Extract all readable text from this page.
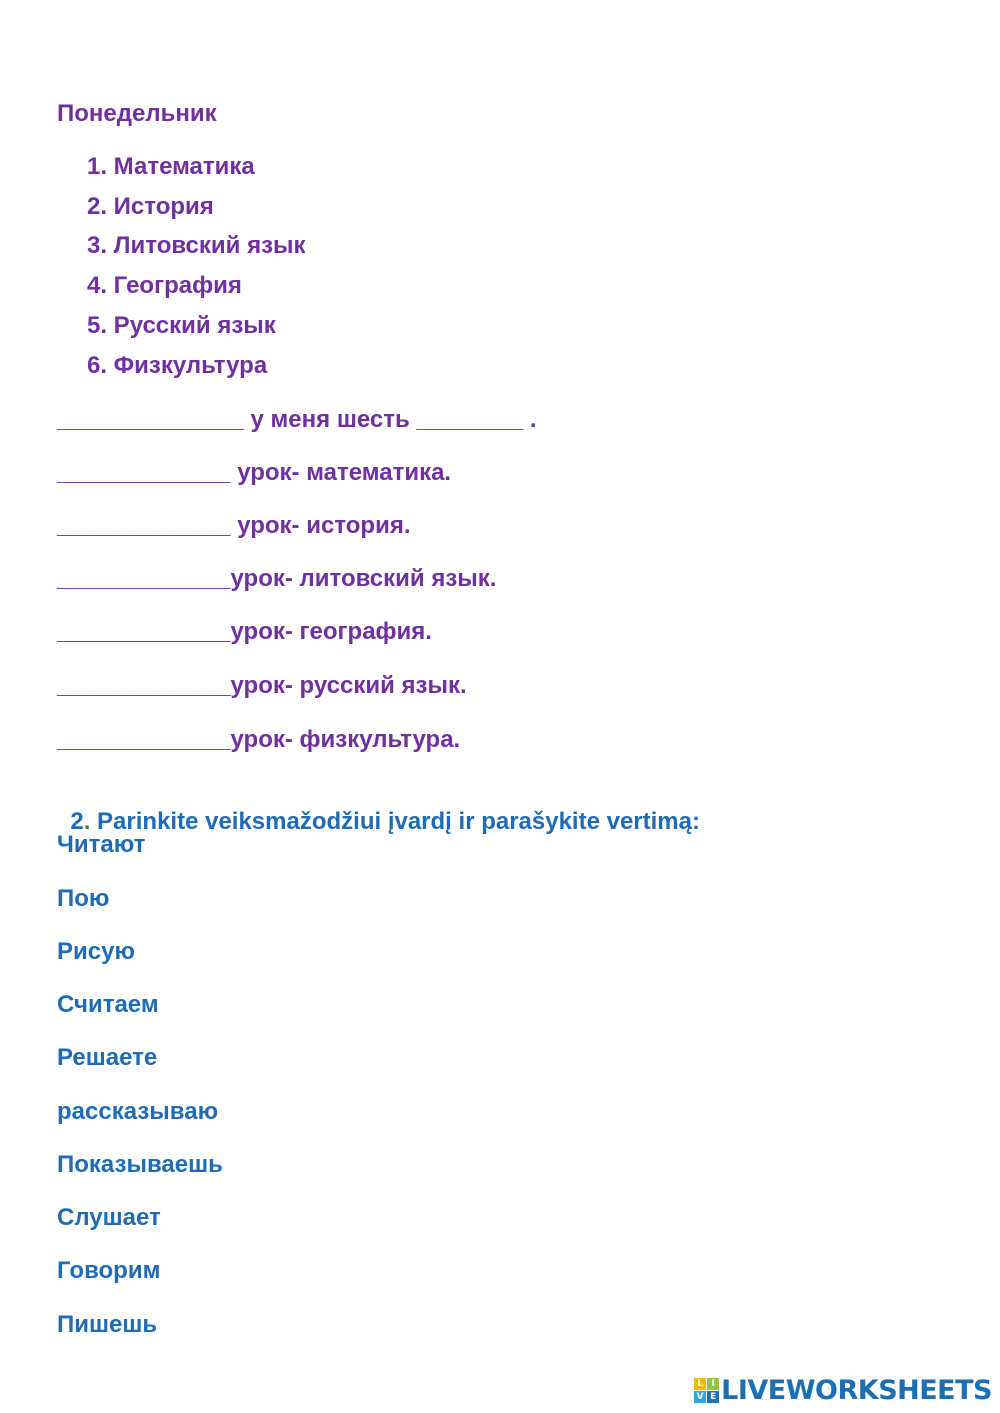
Понедельник
1. Математика
2. История
3. Литовский язык
4. География
5. Русский язык
6. Физкультура
______________ у меня шесть ________ .
_____________ урок- математика.
_____________ урок- история.
_____________урок- литовский язык.
_____________урок- география.
_____________урок- русский язык.
_____________урок- физкультура.

2. Parinkite veiksmažodžiui įvardį ir parašykite vertimą:

Читают
Пою
Рисую
Считаем
Решаете
рассказываю
Показываешь
Слушает
Говорим
Пишешь
L I
V E LIVEWORKSHEETS
